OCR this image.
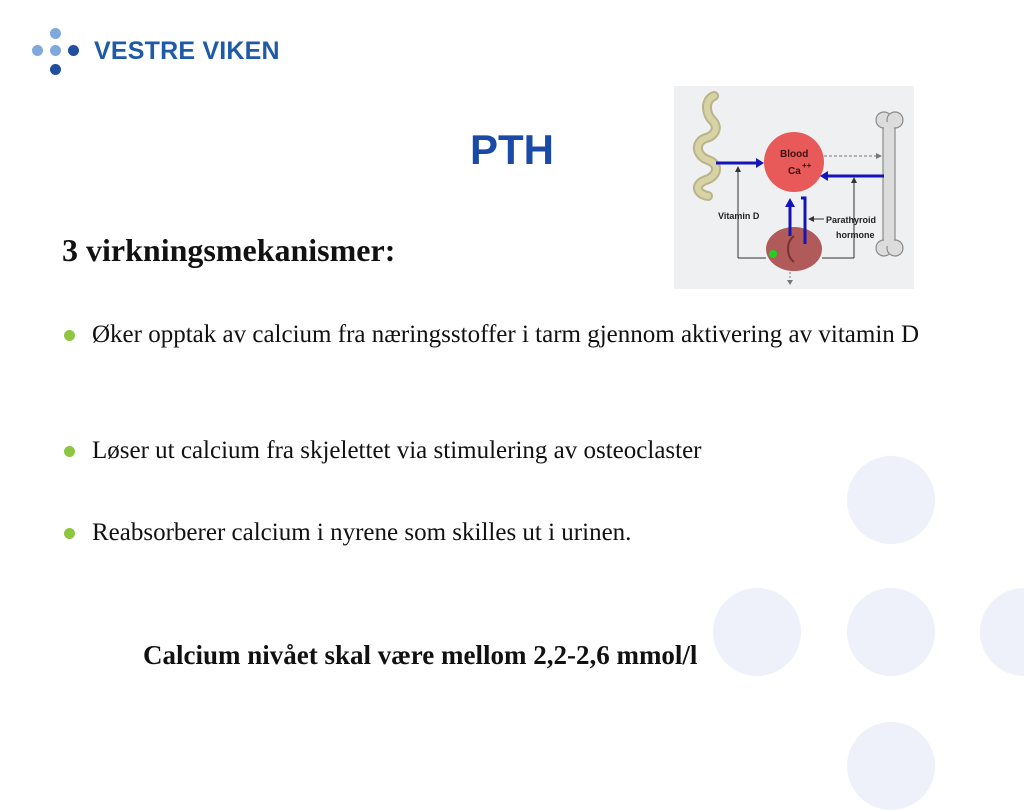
VESTRE VIKEN
PTH	Blood
Ca
++
Vitamin D	Parathyroid
hormone
3 virkningsmekanismer:
Øker opptak av calcium fra næringsstoffer i tarm gjennom aktivering av vitamin D
Løser ut calcium fra skjelettet via stimulering av osteoclaster
Reabsorberer calcium i nyrene som skilles ut i urinen.
Calcium nivået skal være mellom 2,2-2,6 mmol/l
